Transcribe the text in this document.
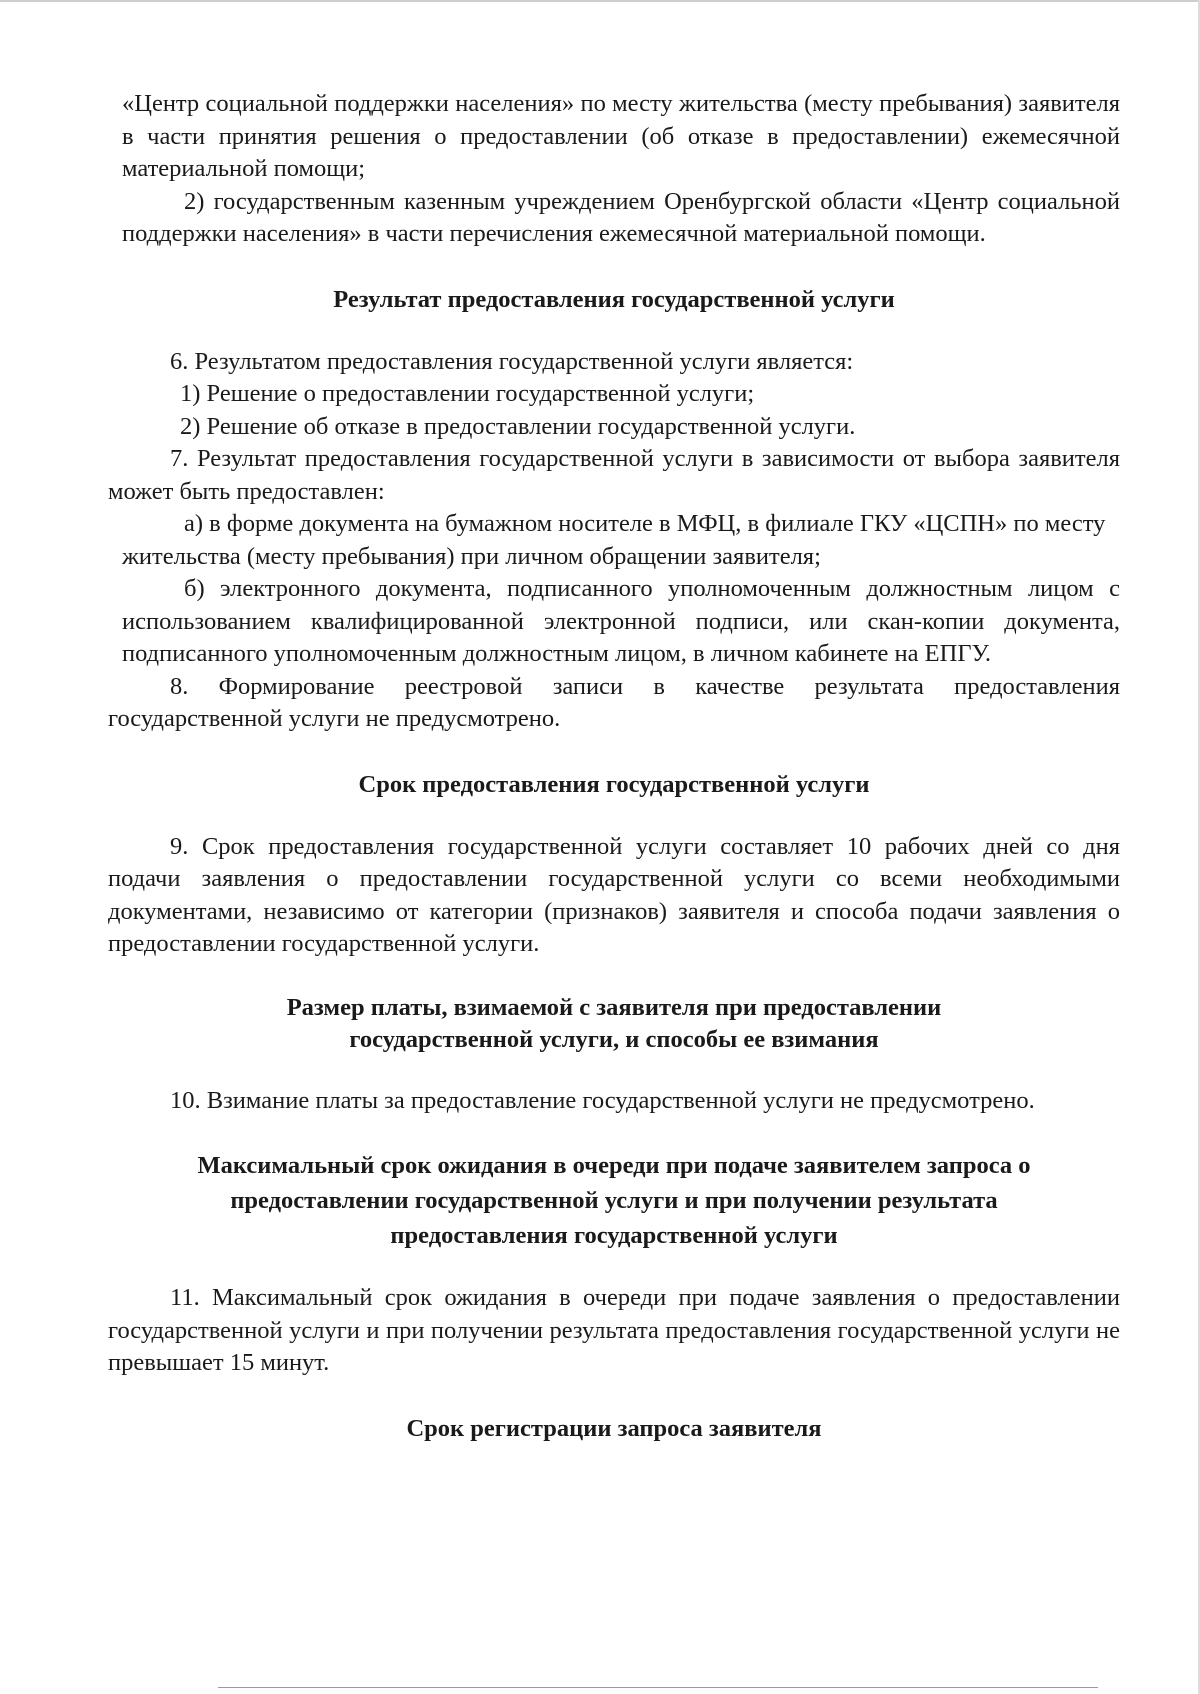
«Центр социальной поддержки населения» по месту жительства (месту пребывания) заявителя в части принятия решения о предоставлении (об отказе в предоставлении) ежемесячной материальной помощи;

2) государственным казенным учреждением Оренбургской области «Центр социальной поддержки населения» в части перечисления ежемесячной материальной помощи.

Результат предоставления государственной услуги

6. Результатом предоставления государственной услуги является:

1) Решение о предоставлении государственной услуги;

2) Решение об отказе в предоставлении государственной услуги.

7. Результат предоставления государственной услуги в зависимости от выбора заявителя может быть предоставлен:

а) в форме документа на бумажном носителе в МФЦ, в филиале ГКУ «ЦСПН» по месту жительства (месту пребывания) при личном обращении заявителя;

б) электронного документа, подписанного уполномоченным должностным лицом с использованием квалифицированной электронной подписи, или скан-копии документа, подписанного уполномоченным должностным лицом, в личном кабинете на ЕПГУ.

8. Формирование реестровой записи в качестве результата предоставления государственной услуги не предусмотрено.

Срок предоставления государственной услуги

9. Срок предоставления государственной услуги составляет 10 рабочих дней со дня подачи заявления о предоставлении государственной услуги со всеми необходимыми документами, независимо от категории (признаков) заявителя и способа подачи заявления о предоставлении государственной услуги.

Размер платы, взимаемой с заявителя при предоставлении
государственной услуги, и способы ее взимания

10. Взимание платы за предоставление государственной услуги не предусмотрено.

Максимальный срок ожидания в очереди при подаче заявителем запроса о
предоставлении государственной услуги и при получении результата
предоставления государственной услуги

11. Максимальный срок ожидания в очереди при подаче заявления о предоставлении государственной услуги и при получении результата предоставления государственной услуги не превышает 15 минут.

Срок регистрации запроса заявителя
